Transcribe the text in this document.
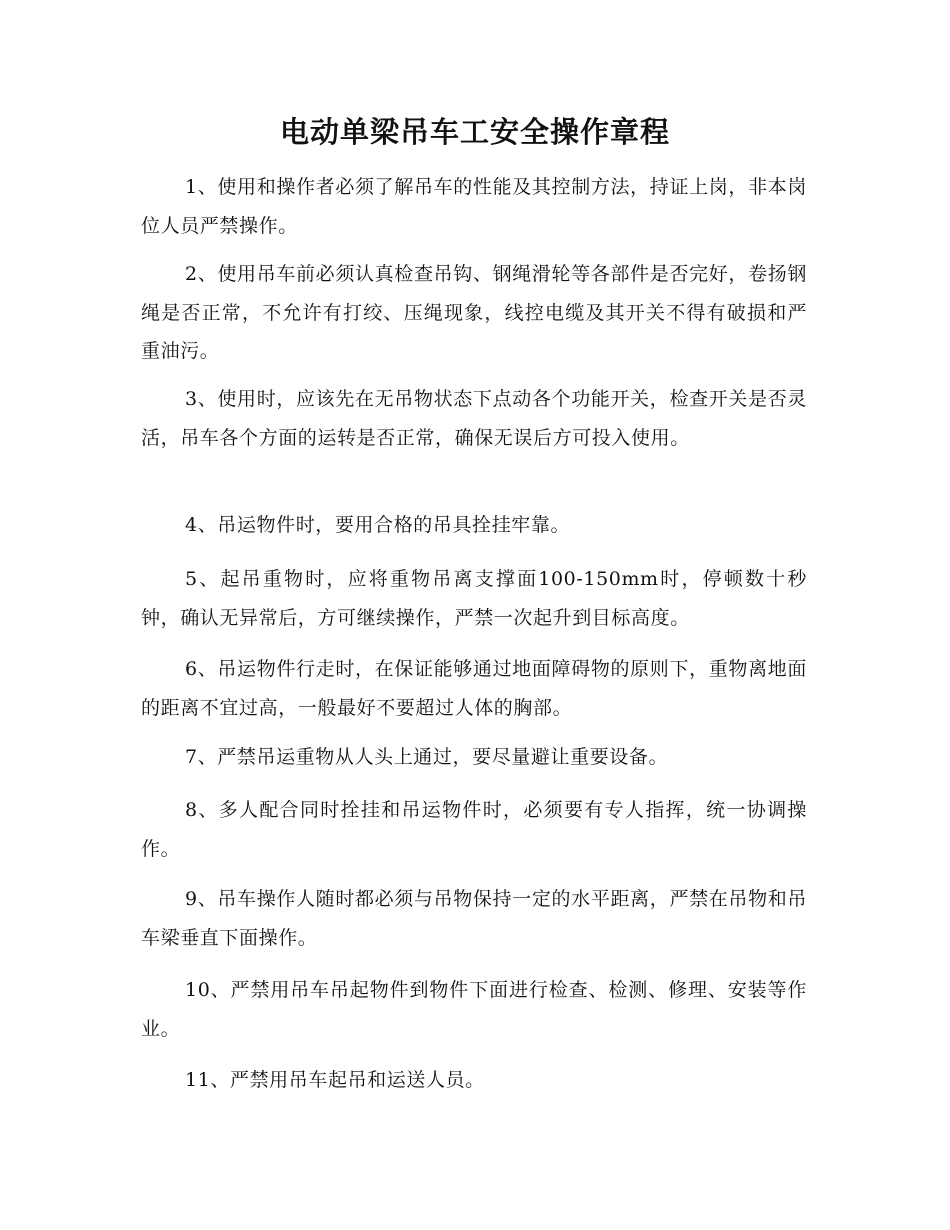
电动单梁吊车工安全操作章程

1、使用和操作者必须了解吊车的性能及其控制方法，持证上岗，非本岗位人员严禁操作。

2、使用吊车前必须认真检查吊钩、钢绳滑轮等各部件是否完好，卷扬钢绳是否正常，不允许有打绞、压绳现象，线控电缆及其开关不得有破损和严重油污。

3、使用时，应该先在无吊物状态下点动各个功能开关，检查开关是否灵活，吊车各个方面的运转是否正常，确保无误后方可投入使用。

4、吊运物件时，要用合格的吊具拴挂牢靠。

5、起吊重物时，应将重物吊离支撑面100-150mm时，停顿数十秒钟，确认无异常后，方可继续操作，严禁一次起升到目标高度。

6、吊运物件行走时，在保证能够通过地面障碍物的原则下，重物离地面的距离不宜过高，一般最好不要超过人体的胸部。

7、严禁吊运重物从人头上通过，要尽量避让重要设备。

8、多人配合同时拴挂和吊运物件时，必须要有专人指挥，统一协调操作。

9、吊车操作人随时都必须与吊物保持一定的水平距离，严禁在吊物和吊车梁垂直下面操作。

10、严禁用吊车吊起物件到物件下面进行检查、检测、修理、安装等作业。

11、严禁用吊车起吊和运送人员。
